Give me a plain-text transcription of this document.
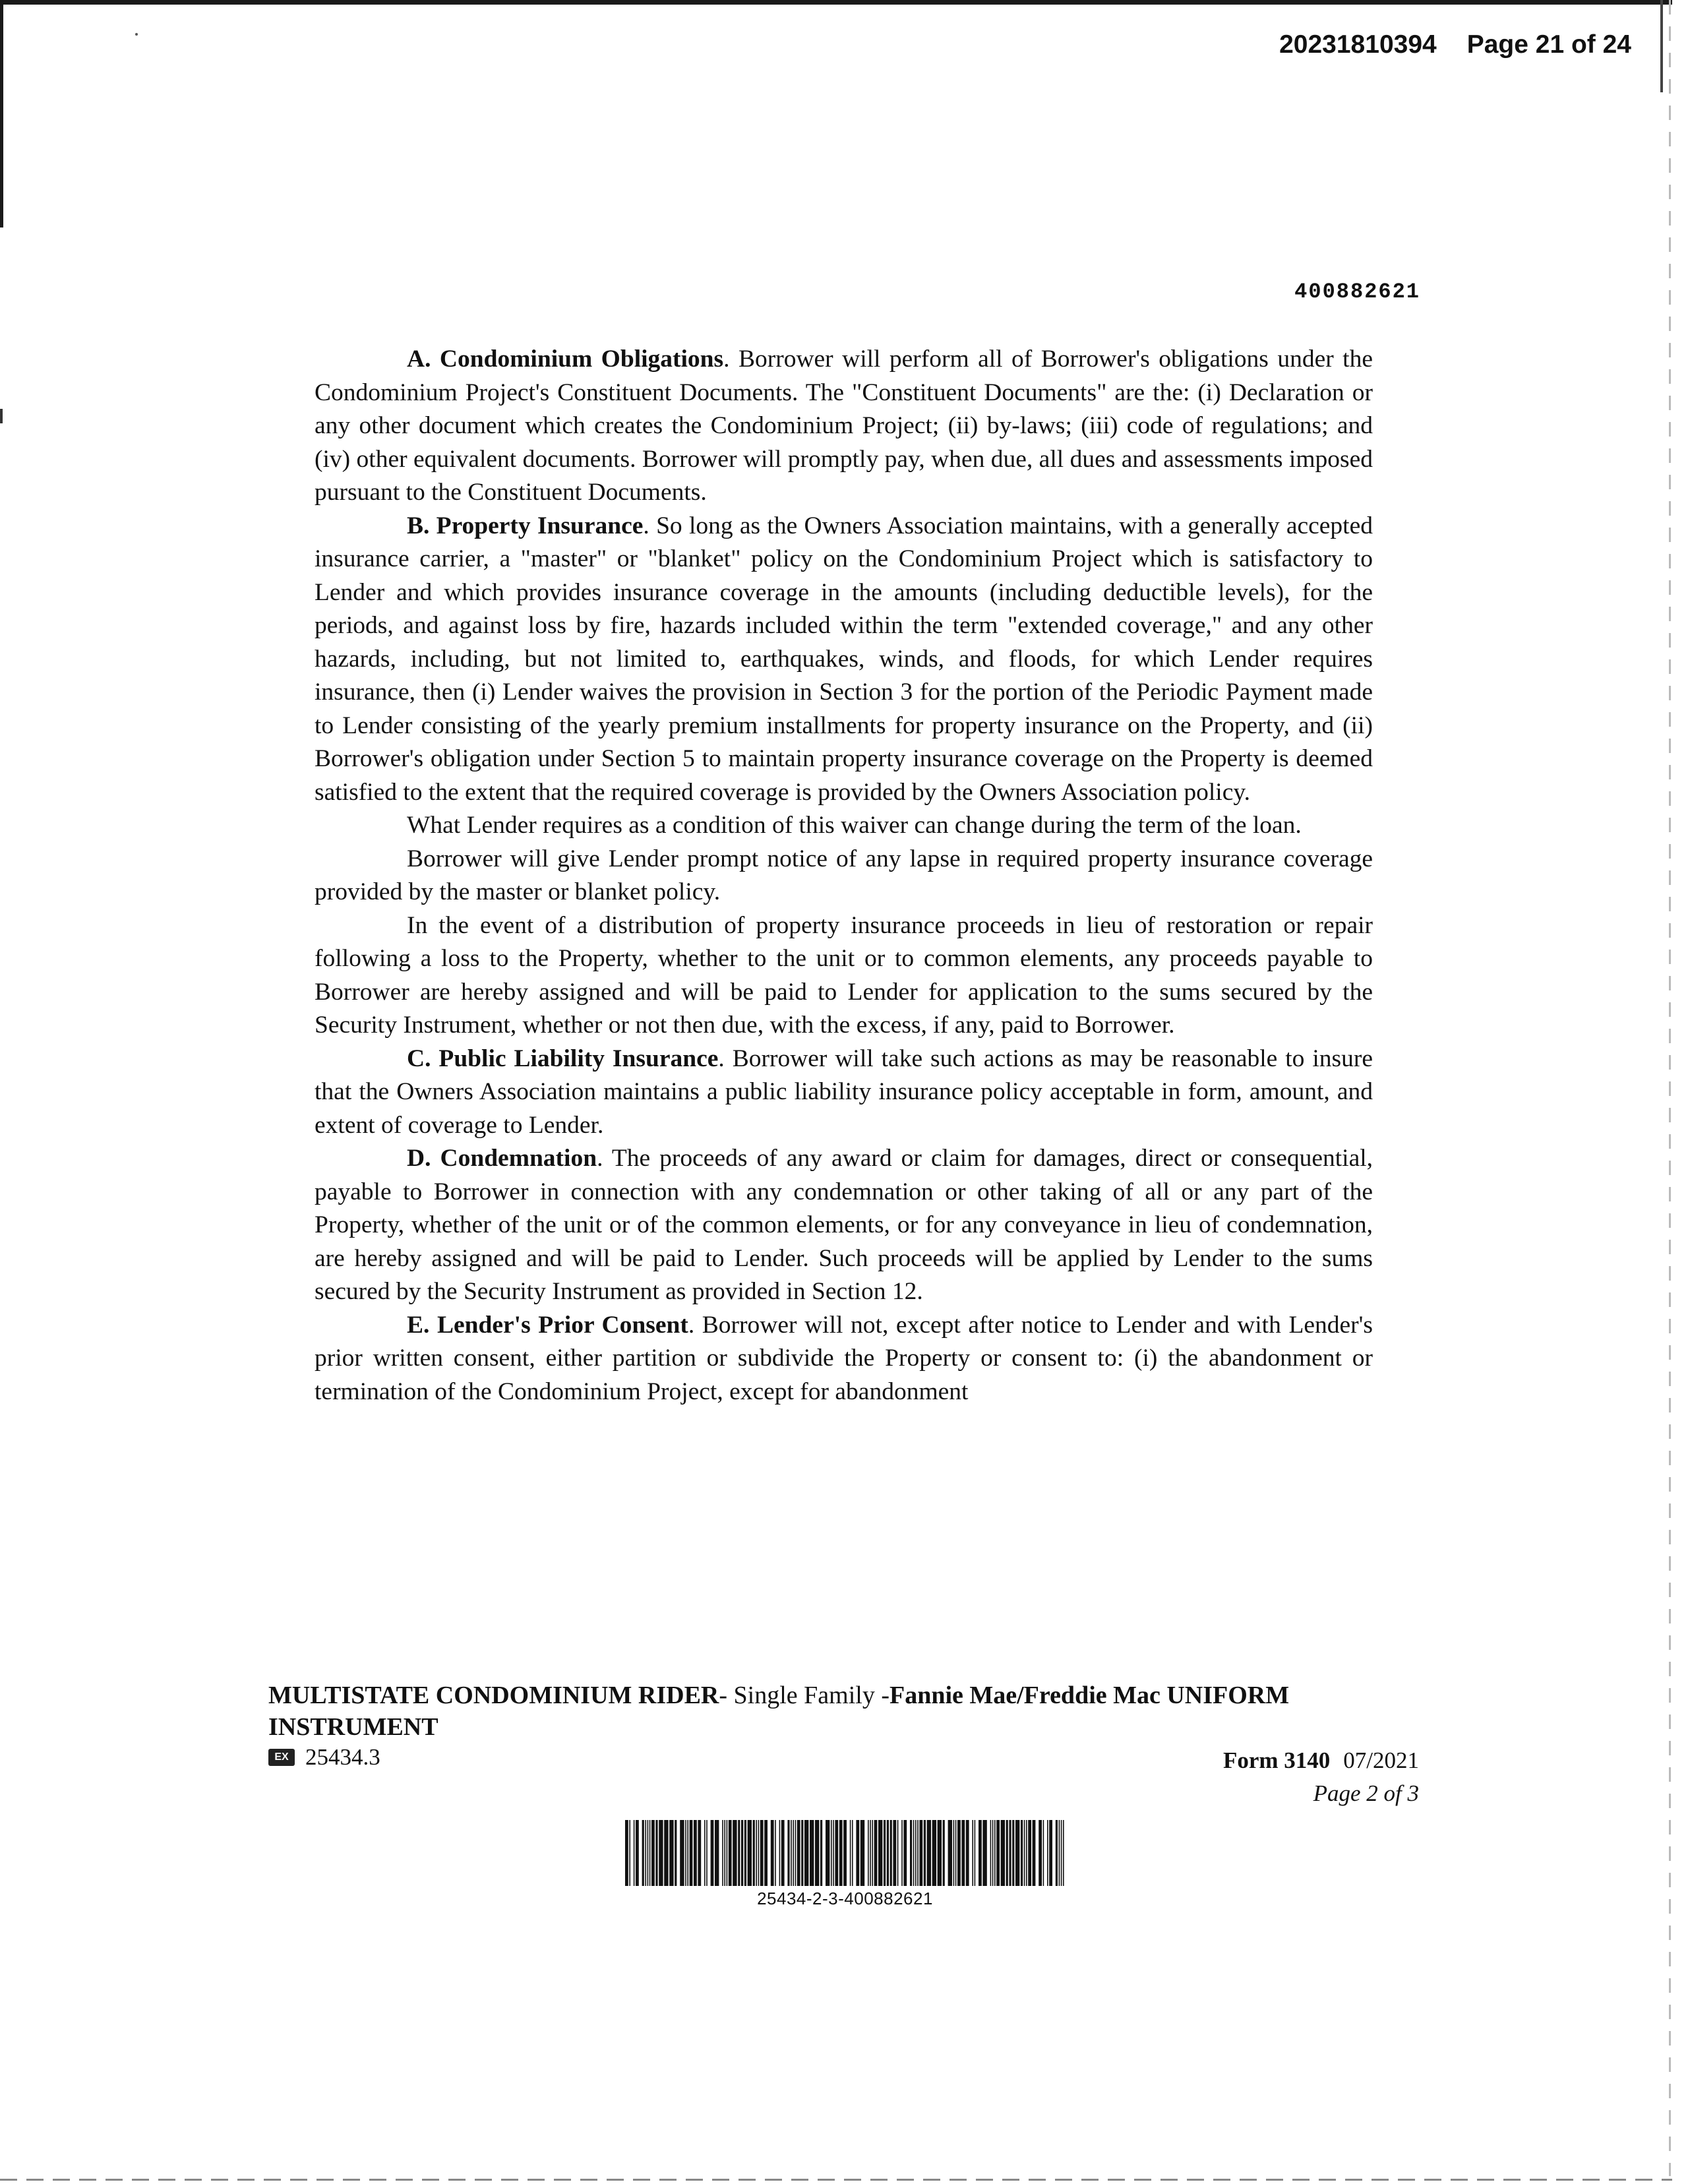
20231810394 Page 21 of 24
400882621

A. Condominium Obligations. Borrower will perform all of Borrower's obligations under the Condominium Project's Constituent Documents. The "Constituent Documents" are the: (i) Declaration or any other document which creates the Condominium Project; (ii) by-laws; (iii) code of regulations; and (iv) other equivalent documents. Borrower will promptly pay, when due, all dues and assessments imposed pursuant to the Constituent Documents.

B. Property Insurance. So long as the Owners Association maintains, with a generally accepted insurance carrier, a "master" or "blanket" policy on the Condominium Project which is satisfactory to Lender and which provides insurance coverage in the amounts (including deductible levels), for the periods, and against loss by fire, hazards included within the term "extended coverage," and any other hazards, including, but not limited to, earthquakes, winds, and floods, for which Lender requires insurance, then (i) Lender waives the provision in Section 3 for the portion of the Periodic Payment made to Lender consisting of the yearly premium installments for property insurance on the Property, and (ii) Borrower's obligation under Section 5 to maintain property insurance coverage on the Property is deemed satisfied to the extent that the required coverage is provided by the Owners Association policy.

What Lender requires as a condition of this waiver can change during the term of the loan.

Borrower will give Lender prompt notice of any lapse in required property insurance coverage provided by the master or blanket policy.

In the event of a distribution of property insurance proceeds in lieu of restoration or repair following a loss to the Property, whether to the unit or to common elements, any proceeds payable to Borrower are hereby assigned and will be paid to Lender for application to the sums secured by the Security Instrument, whether or not then due, with the excess, if any, paid to Borrower.

C. Public Liability Insurance. Borrower will take such actions as may be reasonable to insure that the Owners Association maintains a public liability insurance policy acceptable in form, amount, and extent of coverage to Lender.

D. Condemnation. The proceeds of any award or claim for damages, direct or consequential, payable to Borrower in connection with any condemnation or other taking of all or any part of the Property, whether of the unit or of the common elements, or for any conveyance in lieu of condemnation, are hereby assigned and will be paid to Lender. Such proceeds will be applied by Lender to the sums secured by the Security Instrument as provided in Section 12.

E. Lender's Prior Consent. Borrower will not, except after notice to Lender and with Lender's prior written consent, either partition or subdivide the Property or consent to: (i) the abandonment or termination of the Condominium Project, except for abandonment

MULTISTATE CONDOMINIUM RIDER- Single Family -Fannie Mae/Freddie Mac UNIFORM INSTRUMENT
EX 25434.3	Form 3140 07/2021
Page 2 of 3
25434-2-3-400882621
